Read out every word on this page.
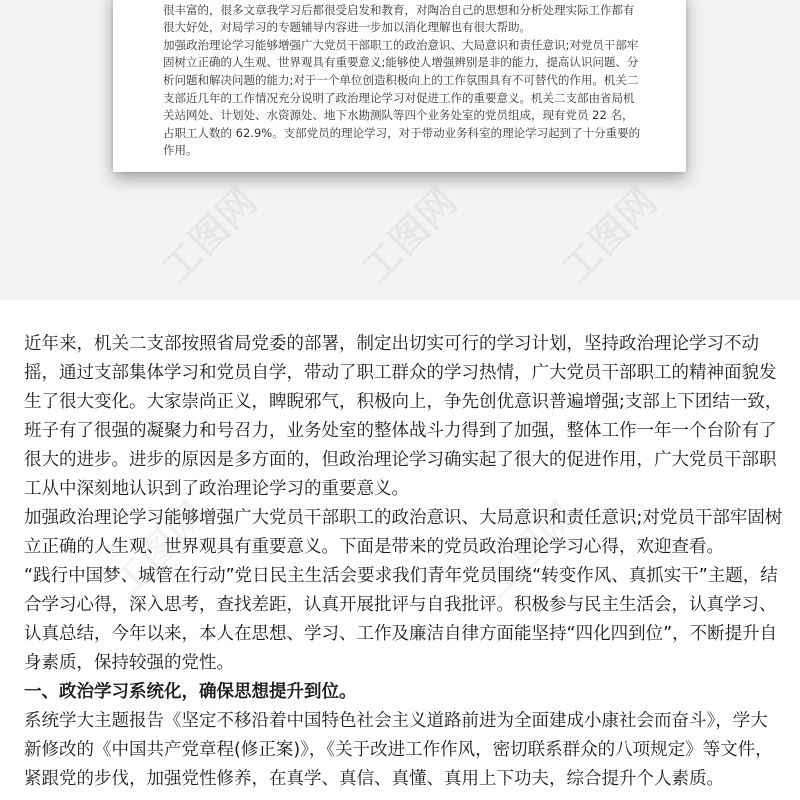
很丰富的，很多文章我学习后都很受启发和教育，对陶冶自己的思想和分析处理实际工作都有很大好处，对局学习的专题辅导内容进一步加以消化理解也有很大帮助。

加强政治理论学习能够增强广大党员干部职工的政治意识、大局意识和责任意识;对党员干部牢固树立正确的人生观、世界观具有重要意义;能够使人增强辨别是非的能力，提高认识问题、分析问题和解决问题的能力;对于一个单位创造积极向上的工作氛围具有不可替代的作用。机关二支部近几年的工作情况充分说明了政治理论学习对促进工作的重要意义。机关二支部由省局机关站网处、计划处、水资源处、地下水勘测队等四个业务处室的党员组成，现有党员 22 名，占职工人数的 62.9%。支部党员的理论学习，对于带动业务科室的理论学习起到了十分重要的作用。

工图网	工图网

近年来，机关二支部按照省局党委的部署，制定出切实可行的学习计划，坚持政治理论学习不动摇，通过支部集体学习和党员自学，带动了职工群众的学习热情，广大党员干部职工的精神面貌发生了很大变化。大家崇尚正义，睥睨邪气，积极向上，争先创优意识普遍增强;支部上下团结一致，班子有了很强的凝聚力和号召力，业务处室的整体战斗力得到了加强，整体工作一年一个台阶有了很大的进步。进步的原因是多方面的，但政治理论学习确实起了很大的促进作用，广大党员干部职工从中深刻地认识到了政治理论学习的重要意义。

加强政治理论学习能够增强广大党员干部职工的政治意识、大局意识和责任意识;对党员干部牢固树立正确的人生观、世界观具有重要意义。下面是带来的党员政治理论学习心得，欢迎查看。

“践行中国梦、城管在行动”党日民主生活会要求我们青年党员围绕“转变作风、真抓实干”主题，结合学习心得，深入思考，查找差距，认真开展批评与自我批评。积极参与民主生活会，认真学习、认真总结，今年以来，本人在思想、学习、工作及廉洁自律方面能坚持“四化四到位”，不断提升自身素质，保持较强的党性。

一、政治学习系统化，确保思想提升到位。

系统学大主题报告《坚定不移沿着中国特色社会主义道路前进为全面建成小康社会而奋斗》，学大新修改的《中国共产党章程(修正案)》，《关于改进工作作风，密切联系群众的八项规定》等文件，紧跟党的步伐，加强党性修养，在真学、真信、真懂、真用上下功夫，综合提升个人素质。
